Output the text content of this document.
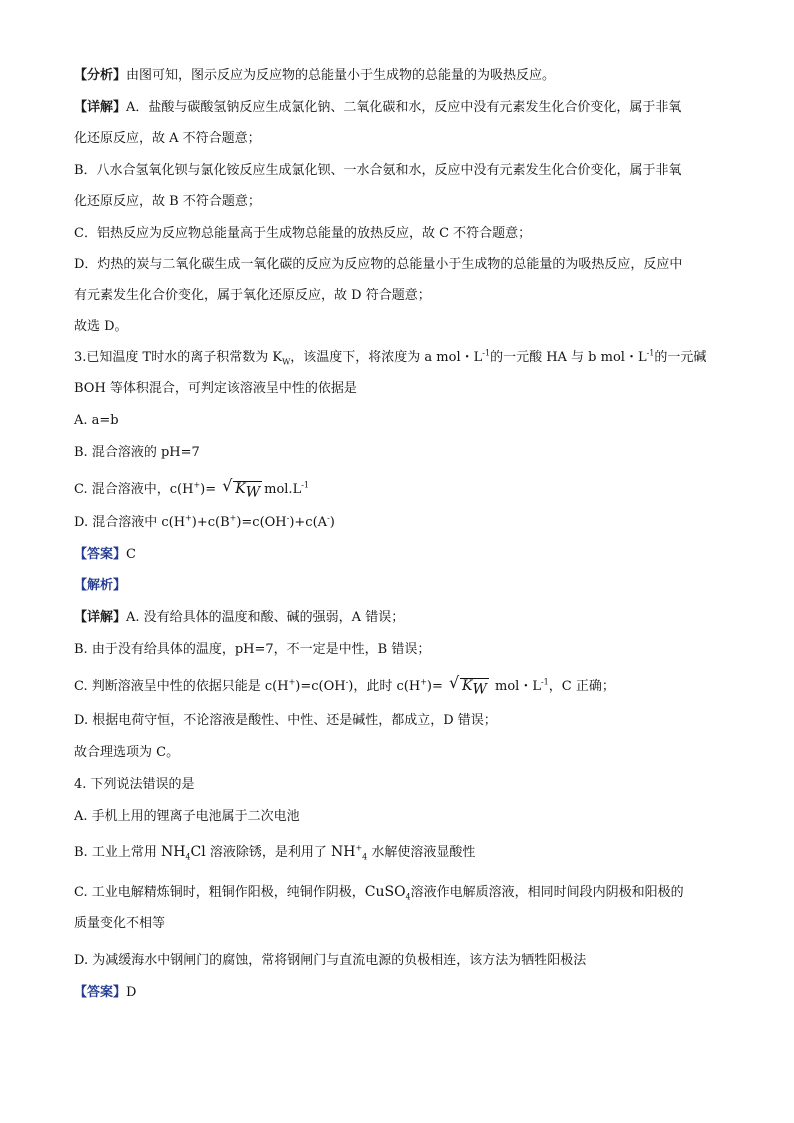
【分析】由图可知，图示反应为反应物的总能量小于生成物的总能量的为吸热反应。
【详解】A．盐酸与碳酸氢钠反应生成氯化钠、二氧化碳和水，反应中没有元素发生化合价变化，属于非氧
化还原反应，故 A 不符合题意；
B．八水合氢氧化钡与氯化铵反应生成氯化钡、一水合氨和水，反应中没有元素发生化合价变化，属于非氧
化还原反应，故 B 不符合题意；
C．铝热反应为反应物总能量高于生成物总能量的放热反应，故 C 不符合题意；
D．灼热的炭与二氧化碳生成一氧化碳的反应为反应物的总能量小于生成物的总能量的为吸热反应，反应中
有元素发生化合价变化，属于氧化还原反应，故 D 符合题意；
故选 D。
3.已知温度 T时水的离子积常数为 $K_W$，该温度下，将浓度为 a mol・$L^{-1}$的一元酸 HA 与 b mol・$L^{-1}$的一元碱
BOH 等体积混合，可判定该溶液呈中性的依据是
A. a=b
B. 混合溶液的 pH=7
C. 混合溶液中，c(H+)= √ $K_W$ $mol.L^{-1}$
D. 混合溶液中 c(H+)+c(B+)=c(OH-)+c(A-)
【答案】C
【解析】
【详解】A. 没有给具体的温度和酸、碱的强弱，A 错误；
B. 由于没有给具体的温度，pH=7，不一定是中性，B 错误；
C. 判断溶液呈中性的依据只能是 c(H+)=c(OH-)，此时 c(H+)= √ $K_W$ mol・$L^{-1}$，C 正确；
D. 根据电荷守恒，不论溶液是酸性、中性、还是碱性，都成立，D 错误；
故合理选项为 C。
4. 下列说法错误的是
A. 手机上用的锂离子电池属于二次电池
B. 工业上常用 $NH_4Cl$ 溶液除锈，是利用了 $NH^+_4$ 水解使溶液显酸性
C. 工业电解精炼铜时，粗铜作阳极，纯铜作阴极，CuSO$_4$溶液作电解质溶液，相同时间段内阴极和阳极的
质量变化不相等
D. 为减缓海水中钢闸门的腐蚀，常将钢闸门与直流电源的负极相连，该方法为牺牲阳极法
【答案】D
